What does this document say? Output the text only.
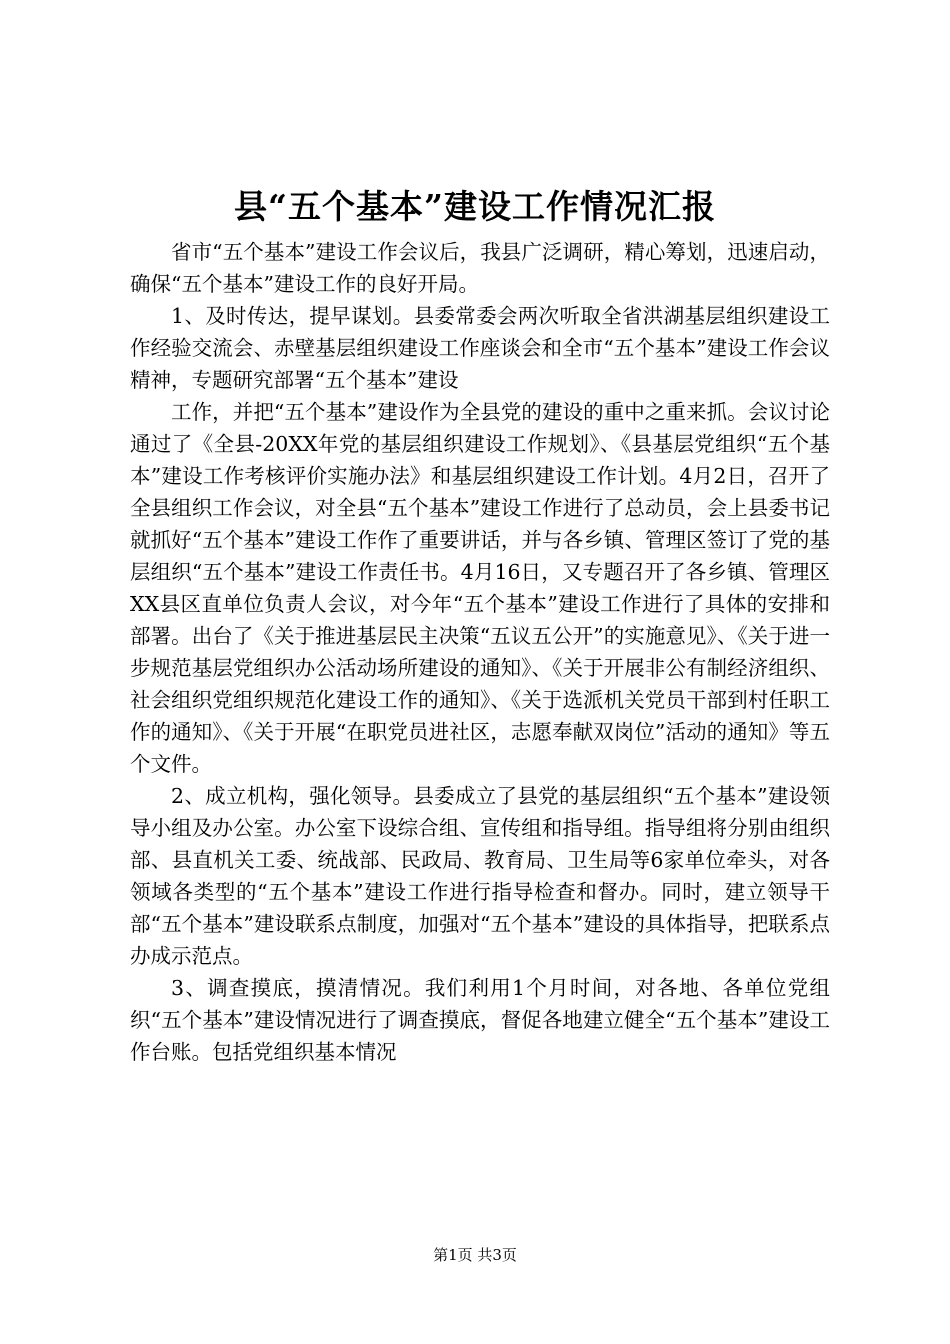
县“五个基本”建设工作情况汇报

省市“五个基本”建设工作会议后，我县广泛调研，精心筹划，迅速启动，确保“五个基本”建设工作的良好开局。

1、及时传达，提早谋划。县委常委会两次听取全省洪湖基层组织建设工作经验交流会、赤壁基层组织建设工作座谈会和全市“五个基本”建设工作会议精神，专题研究部署“五个基本”建设

工作，并把“五个基本”建设作为全县党的建设的重中之重来抓。会议讨论通过了《全县-20XX年党的基层组织建设工作规划》、《县基层党组织“五个基本”建设工作考核评价实施办法》和基层组织建设工作计划。4月2日，召开了全县组织工作会议，对全县“五个基本”建设工作进行了总动员，会上县委书记就抓好“五个基本”建设工作作了重要讲话，并与各乡镇、管理区签订了党的基层组织“五个基本”建设工作责任书。4月16日，又专题召开了各乡镇、管理区XX县区直单位负责人会议，对今年“五个基本”建设工作进行了具体的安排和部署。出台了《关于推进基层民主决策“五议五公开”的实施意见》、《关于进一步规范基层党组织办公活动场所建设的通知》、《关于开展非公有制经济组织、社会组织党组织规范化建设工作的通知》、《关于选派机关党员干部到村任职工作的通知》、《关于开展“在职党员进社区，志愿奉献双岗位”活动的通知》等五个文件。

2、成立机构，强化领导。县委成立了县党的基层组织“五个基本”建设领导小组及办公室。办公室下设综合组、宣传组和指导组。指导组将分别由组织部、县直机关工委、统战部、民政局、教育局、卫生局等6家单位牵头，对各领域各类型的“五个基本”建设工作进行指导检查和督办。同时，建立领导干部“五个基本”建设联系点制度，加强对“五个基本”建设的具体指导，把联系点办成示范点。

3、调查摸底，摸清情况。我们利用1个月时间，对各地、各单位党组织“五个基本”建设情况进行了调查摸底，督促各地建立健全“五个基本”建设工作台账。包括党组织基本情况

第1页 共3页
